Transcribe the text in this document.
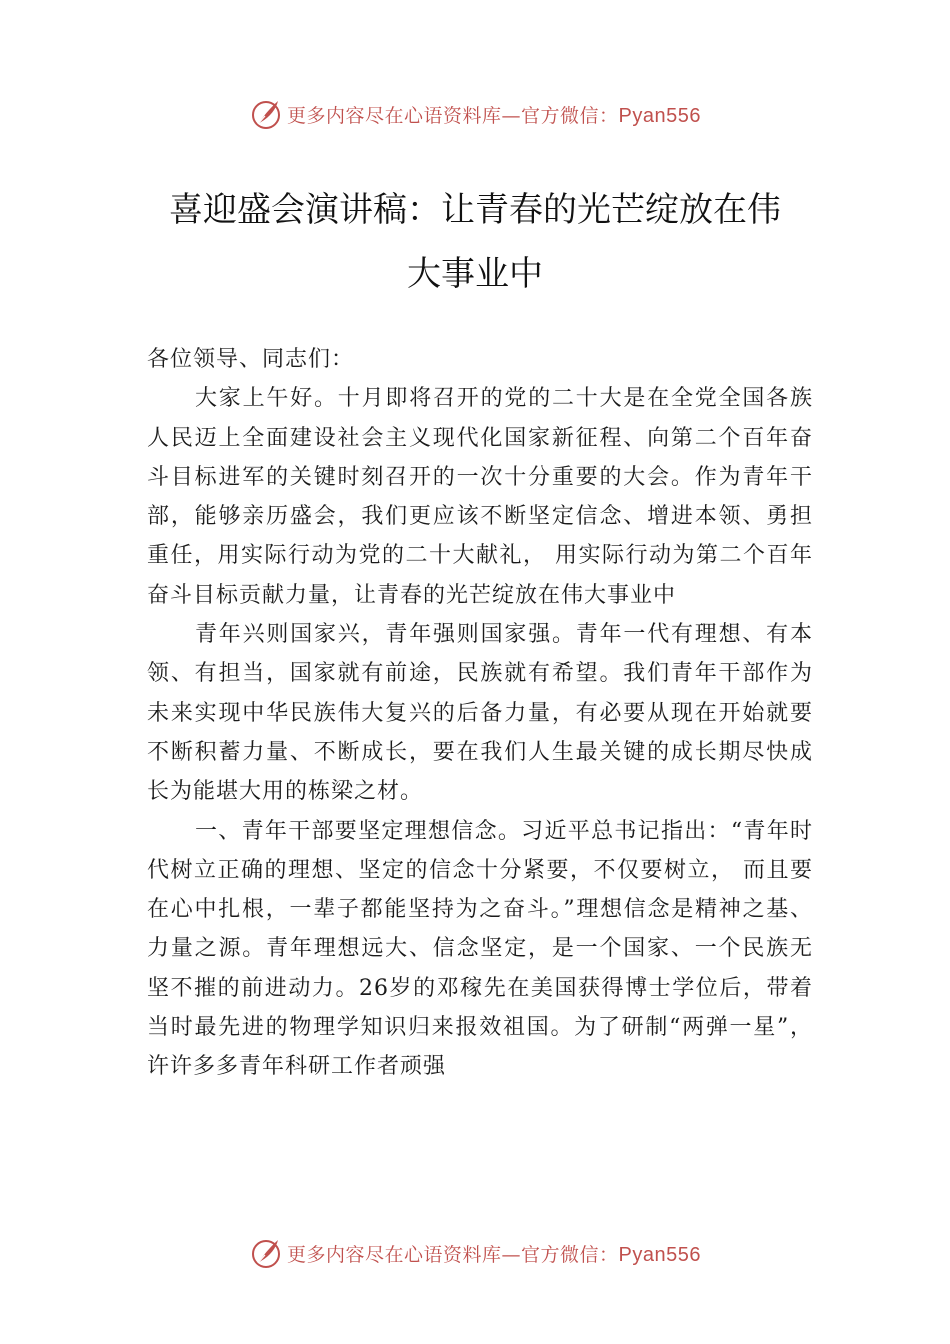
更多内容尽在心语资料库—官方微信：Pyan556
喜迎盛会演讲稿：让青春的光芒绽放在伟
大事业中

各位领导、同志们：

大家上午好。十月即将召开的党的二十大是在全党全国各族人民迈上全面建设社会主义现代化国家新征程、向第二个百年奋斗目标进军的关键时刻召开的一次十分重要的大会。作为青年干部，能够亲历盛会，我们更应该不断坚定信念、增进本领、勇担重任，用实际行动为党的二十大献礼， 用实际行动为第二个百年奋斗目标贡献力量，让青春的光芒绽放在伟大事业中

青年兴则国家兴，青年强则国家强。青年一代有理想、有本领、有担当，国家就有前途，民族就有希望。我们青年干部作为未来实现中华民族伟大复兴的后备力量，有必要从现在开始就要不断积蓄力量、不断成长，要在我们人生最关键的成长期尽快成长为能堪大用的栋梁之材。

一、青年干部要坚定理想信念。习近平总书记指出：“青年时代树立正确的理想、坚定的信念十分紧要，不仅要树立， 而且要在心中扎根，一辈子都能坚持为之奋斗。”理想信念是精神之基、力量之源。青年理想远大、信念坚定，是一个国家、一个民族无坚不摧的前进动力。26岁的邓稼先在美国获得博士学位后，带着当时最先进的物理学知识归来报效祖国。为了研制“两弹一星”，许许多多青年科研工作者顽强

更多内容尽在心语资料库—官方微信：Pyan556
